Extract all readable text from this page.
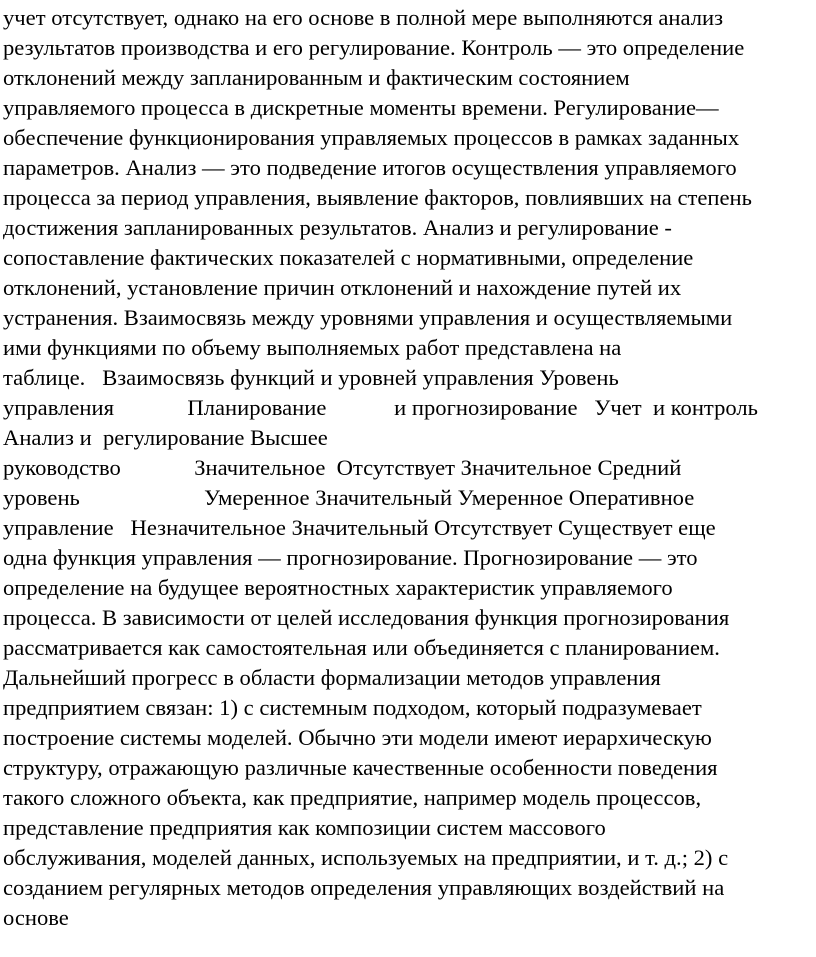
учет отсутствует, однако на его основе в полной мере выполняются анализ
результатов производства и его регулирование. Контроль — это определение
отклонений между запланированным и фактическим состоянием
управляемого процесса в дискретные моменты времени. Регулирование—
обеспечение функционирования управляемых процессов в рамках заданных
параметров. Анализ — это подведение итогов осуществления управляемого
процесса за период управления, выявление факторов, повлиявших на степень
достижения запланированных результатов. Анализ и регулирование -
сопоставление фактических показателей с нормативными, определение
отклонений, установление причин отклонений и нахождение путей их
устранения. Взаимосвязь между уровнями управления и осуществляемыми
ими функциями по объему выполняемых работ представлена на
таблице.   Взаимосвязь функций и уровней управления Уровень
управления             Планирование            и прогнозирование   Учет  и контроль
Анализ и  регулирование Высшее
руководство             Значительное  Отсутствует Значительное Средний
уровень                      Умеренное Значительный Умеренное Оперативное
управление   Незначительное Значительный Отсутствует Существует еще
одна функция управления — прогнозирование. Прогнозирование — это
определение на будущее вероятностных характеристик управляемого
процесса. В зависимости от целей исследования функция прогнозирования
рассматривается как самостоятельная или объединяется с планированием.
Дальнейший прогресс в области формализации методов управления
предприятием связан: 1) с системным подходом, который подразумевает
построение системы моделей. Обычно эти модели имеют иерархическую
структуру, отражающую различные качественные особенности поведения
такого сложного объекта, как предприятие, например модель процессов,
представление предприятия как композиции систем массового
обслуживания, моделей данных, используемых на предприятии, и т. д.; 2) с
созданием регулярных методов определения управляющих воздействий на
основе
